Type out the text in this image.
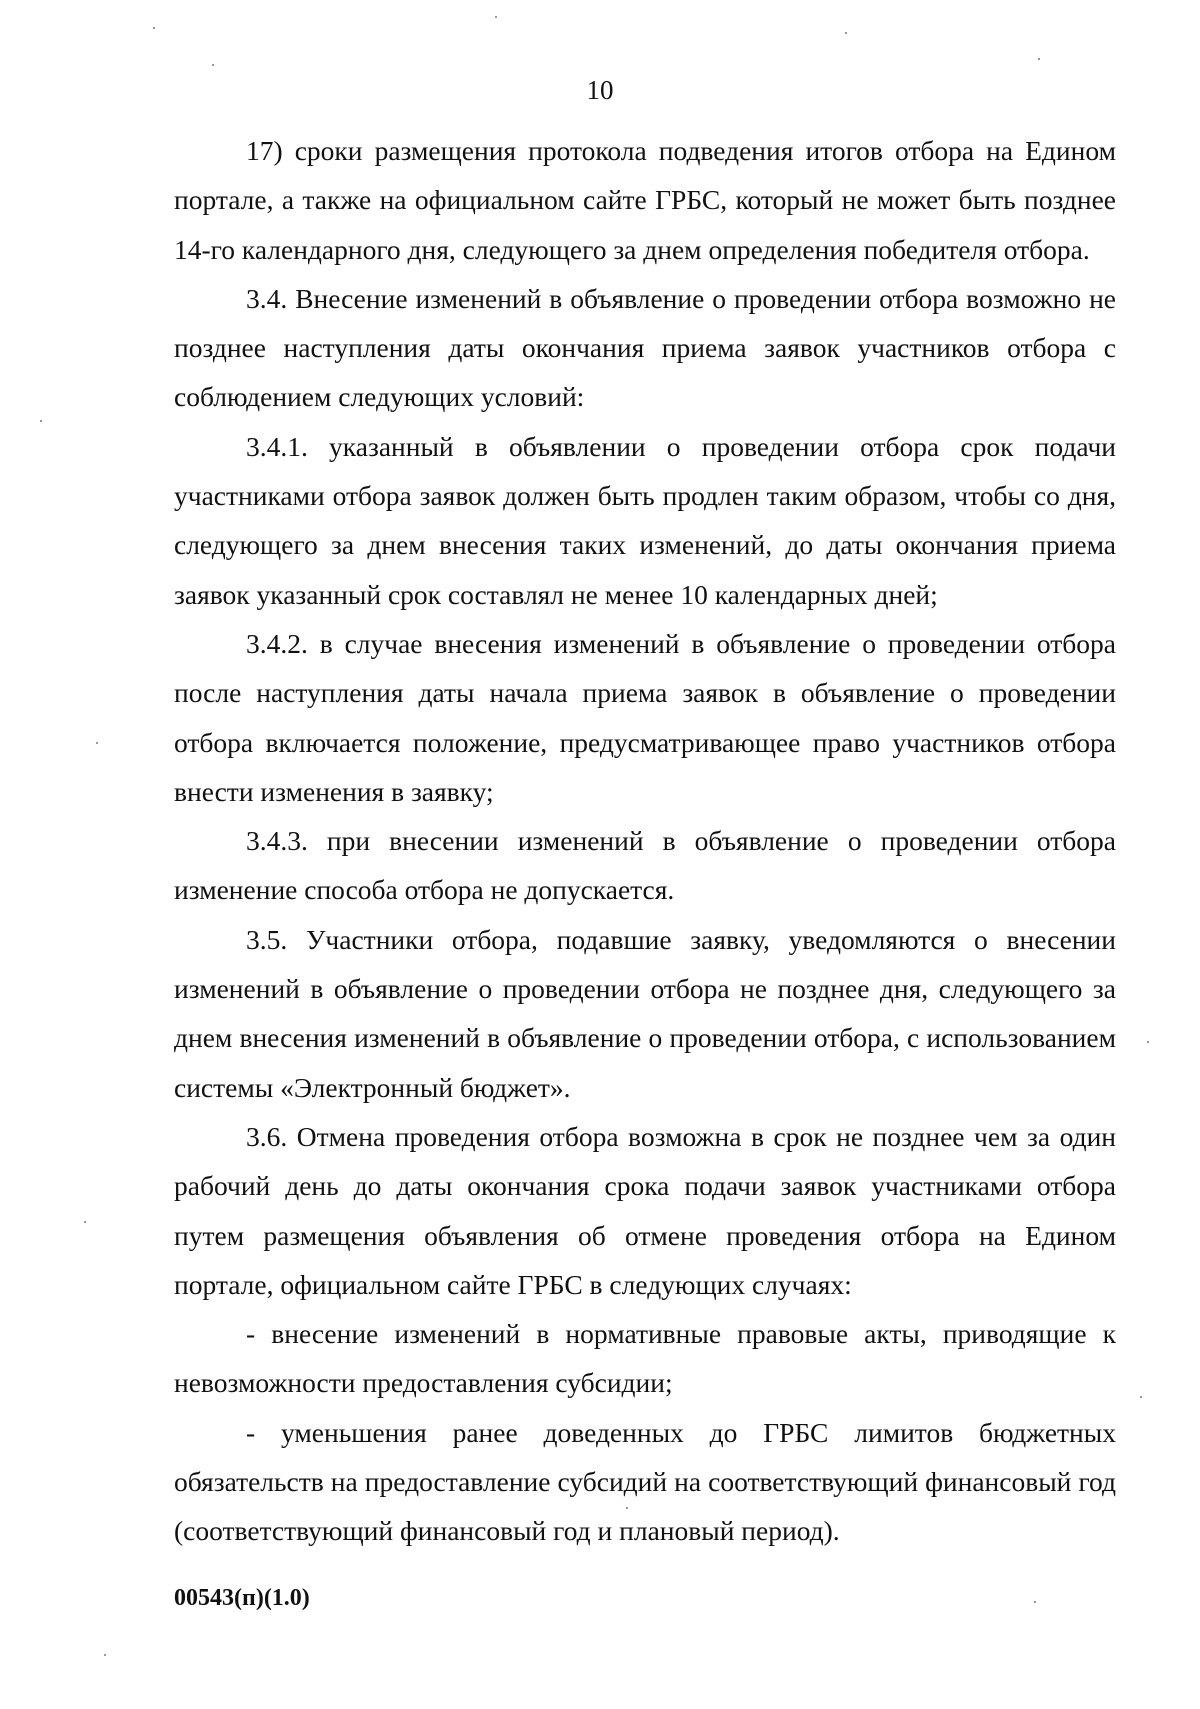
10

17) сроки размещения протокола подведения итогов отбора на Едином портале, а также на официальном сайте ГРБС, который не может быть позднее 14-го календарного дня, следующего за днем определения победителя отбора.

3.4. Внесение изменений в объявление о проведении отбора возможно не позднее наступления даты окончания приема заявок участников отбора с соблюдением следующих условий:

3.4.1. указанный в объявлении о проведении отбора срок подачи участниками отбора заявок должен быть продлен таким образом, чтобы со дня, следующего за днем внесения таких изменений, до даты окончания приема заявок указанный срок составлял не менее 10 календарных дней;

3.4.2. в случае внесения изменений в объявление о проведении отбора после наступления даты начала приема заявок в объявление о проведении отбора включается положение, предусматривающее право участников отбора внести изменения в заявку;

3.4.3. при внесении изменений в объявление о проведении отбора изменение способа отбора не допускается.

3.5. Участники отбора, подавшие заявку, уведомляются о внесении изменений в объявление о проведении отбора не позднее дня, следующего за днем внесения изменений в объявление о проведении отбора, с использованием системы «Электронный бюджет».

3.6. Отмена проведения отбора возможна в срок не позднее чем за один рабочий день до даты окончания срока подачи заявок участниками отбора путем размещения объявления об отмене проведения отбора на Едином портале, официальном сайте ГРБС в следующих случаях:

- внесение изменений в нормативные правовые акты, приводящие к невозможности предоставления субсидии;

- уменьшения ранее доведенных до ГРБС лимитов бюджетных обязательств на предоставление субсидий на соответствующий финансовый год (соответствующий финансовый год и плановый период).

00543(п)(1.0)
